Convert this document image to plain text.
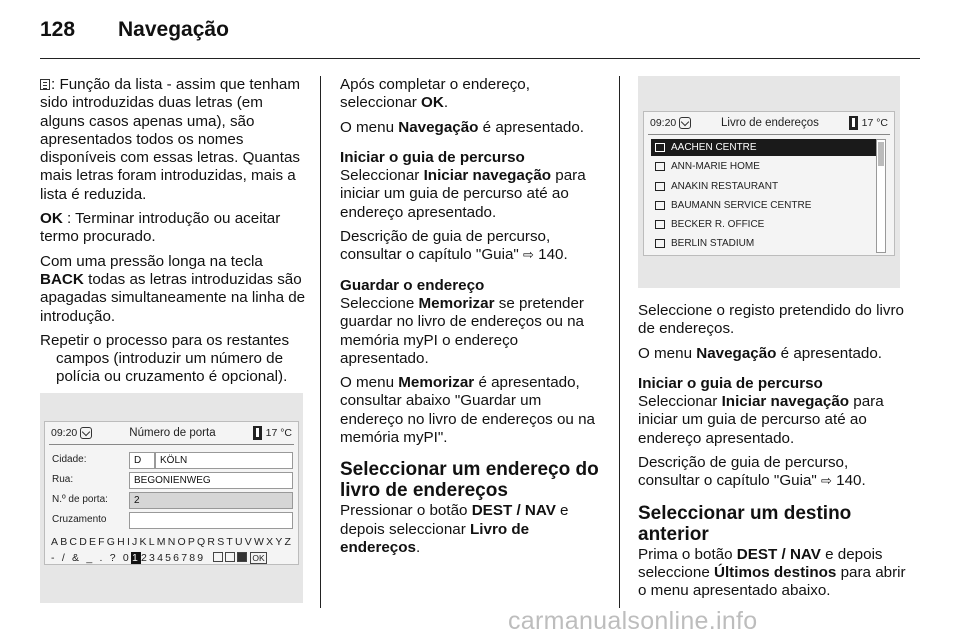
128 Navegação

: Função da lista - assim que tenham sido introduzidas duas letras (em alguns casos apenas uma), são apresentados todos os nomes disponíveis com essas letras. Quantas mais letras foram introduzidas, mais a lista é reduzida.

OK : Terminar introdução ou aceitar termo procurado.

Com uma pressão longa na tecla BACK todas as letras introduzidas são apagadas simultaneamente na linha de introdução.

Repetir o processo para os restantes campos (introduzir um número de polícia ou cruzamento é opcional).

09:20	Número de porta	17 °C
Cidade:	D	KÖLN
Rua:	BEGONIENWEG
N.º de porta:	2
Cruzamento
ABCDEFGHIJKLMNOPQRSTUVWXYZ
- / & _ . ? 0123456789	OK

Após completar o endereço, seleccionar OK.

O menu Navegação é apresentado.

Iniciar o guia de percurso

Seleccionar Iniciar navegação para iniciar um guia de percurso até ao endereço apresentado.

Descrição de guia de percurso, consultar o capítulo "Guia" ⇨ 140.

Guardar o endereço

Seleccione Memorizar se pretender guardar no livro de endereços ou na memória myPI o endereço apresentado.

O menu Memorizar é apresentado, consultar abaixo "Guardar um endereço no livro de endereços ou na memória myPI".

Seleccionar um endereço do livro de endereços

Pressionar o botão DEST / NAV e depois seleccionar Livro de endereços.

09:20	Livro de endereços	17 °C
AACHEN CENTRE
ANN-MARIE HOME
ANAKIN RESTAURANT
BAUMANN SERVICE CENTRE
BECKER R. OFFICE
BERLIN STADIUM

Seleccione o registo pretendido do livro de endereços.

O menu Navegação é apresentado.

Iniciar o guia de percurso

Seleccionar Iniciar navegação para iniciar um guia de percurso até ao endereço apresentado.

Descrição de guia de percurso, consultar o capítulo "Guia" ⇨ 140.

Seleccionar um destino anterior

Prima o botão DEST / NAV e depois seleccione Últimos destinos para abrir o menu apresentado abaixo.

carmanualsonline.info
